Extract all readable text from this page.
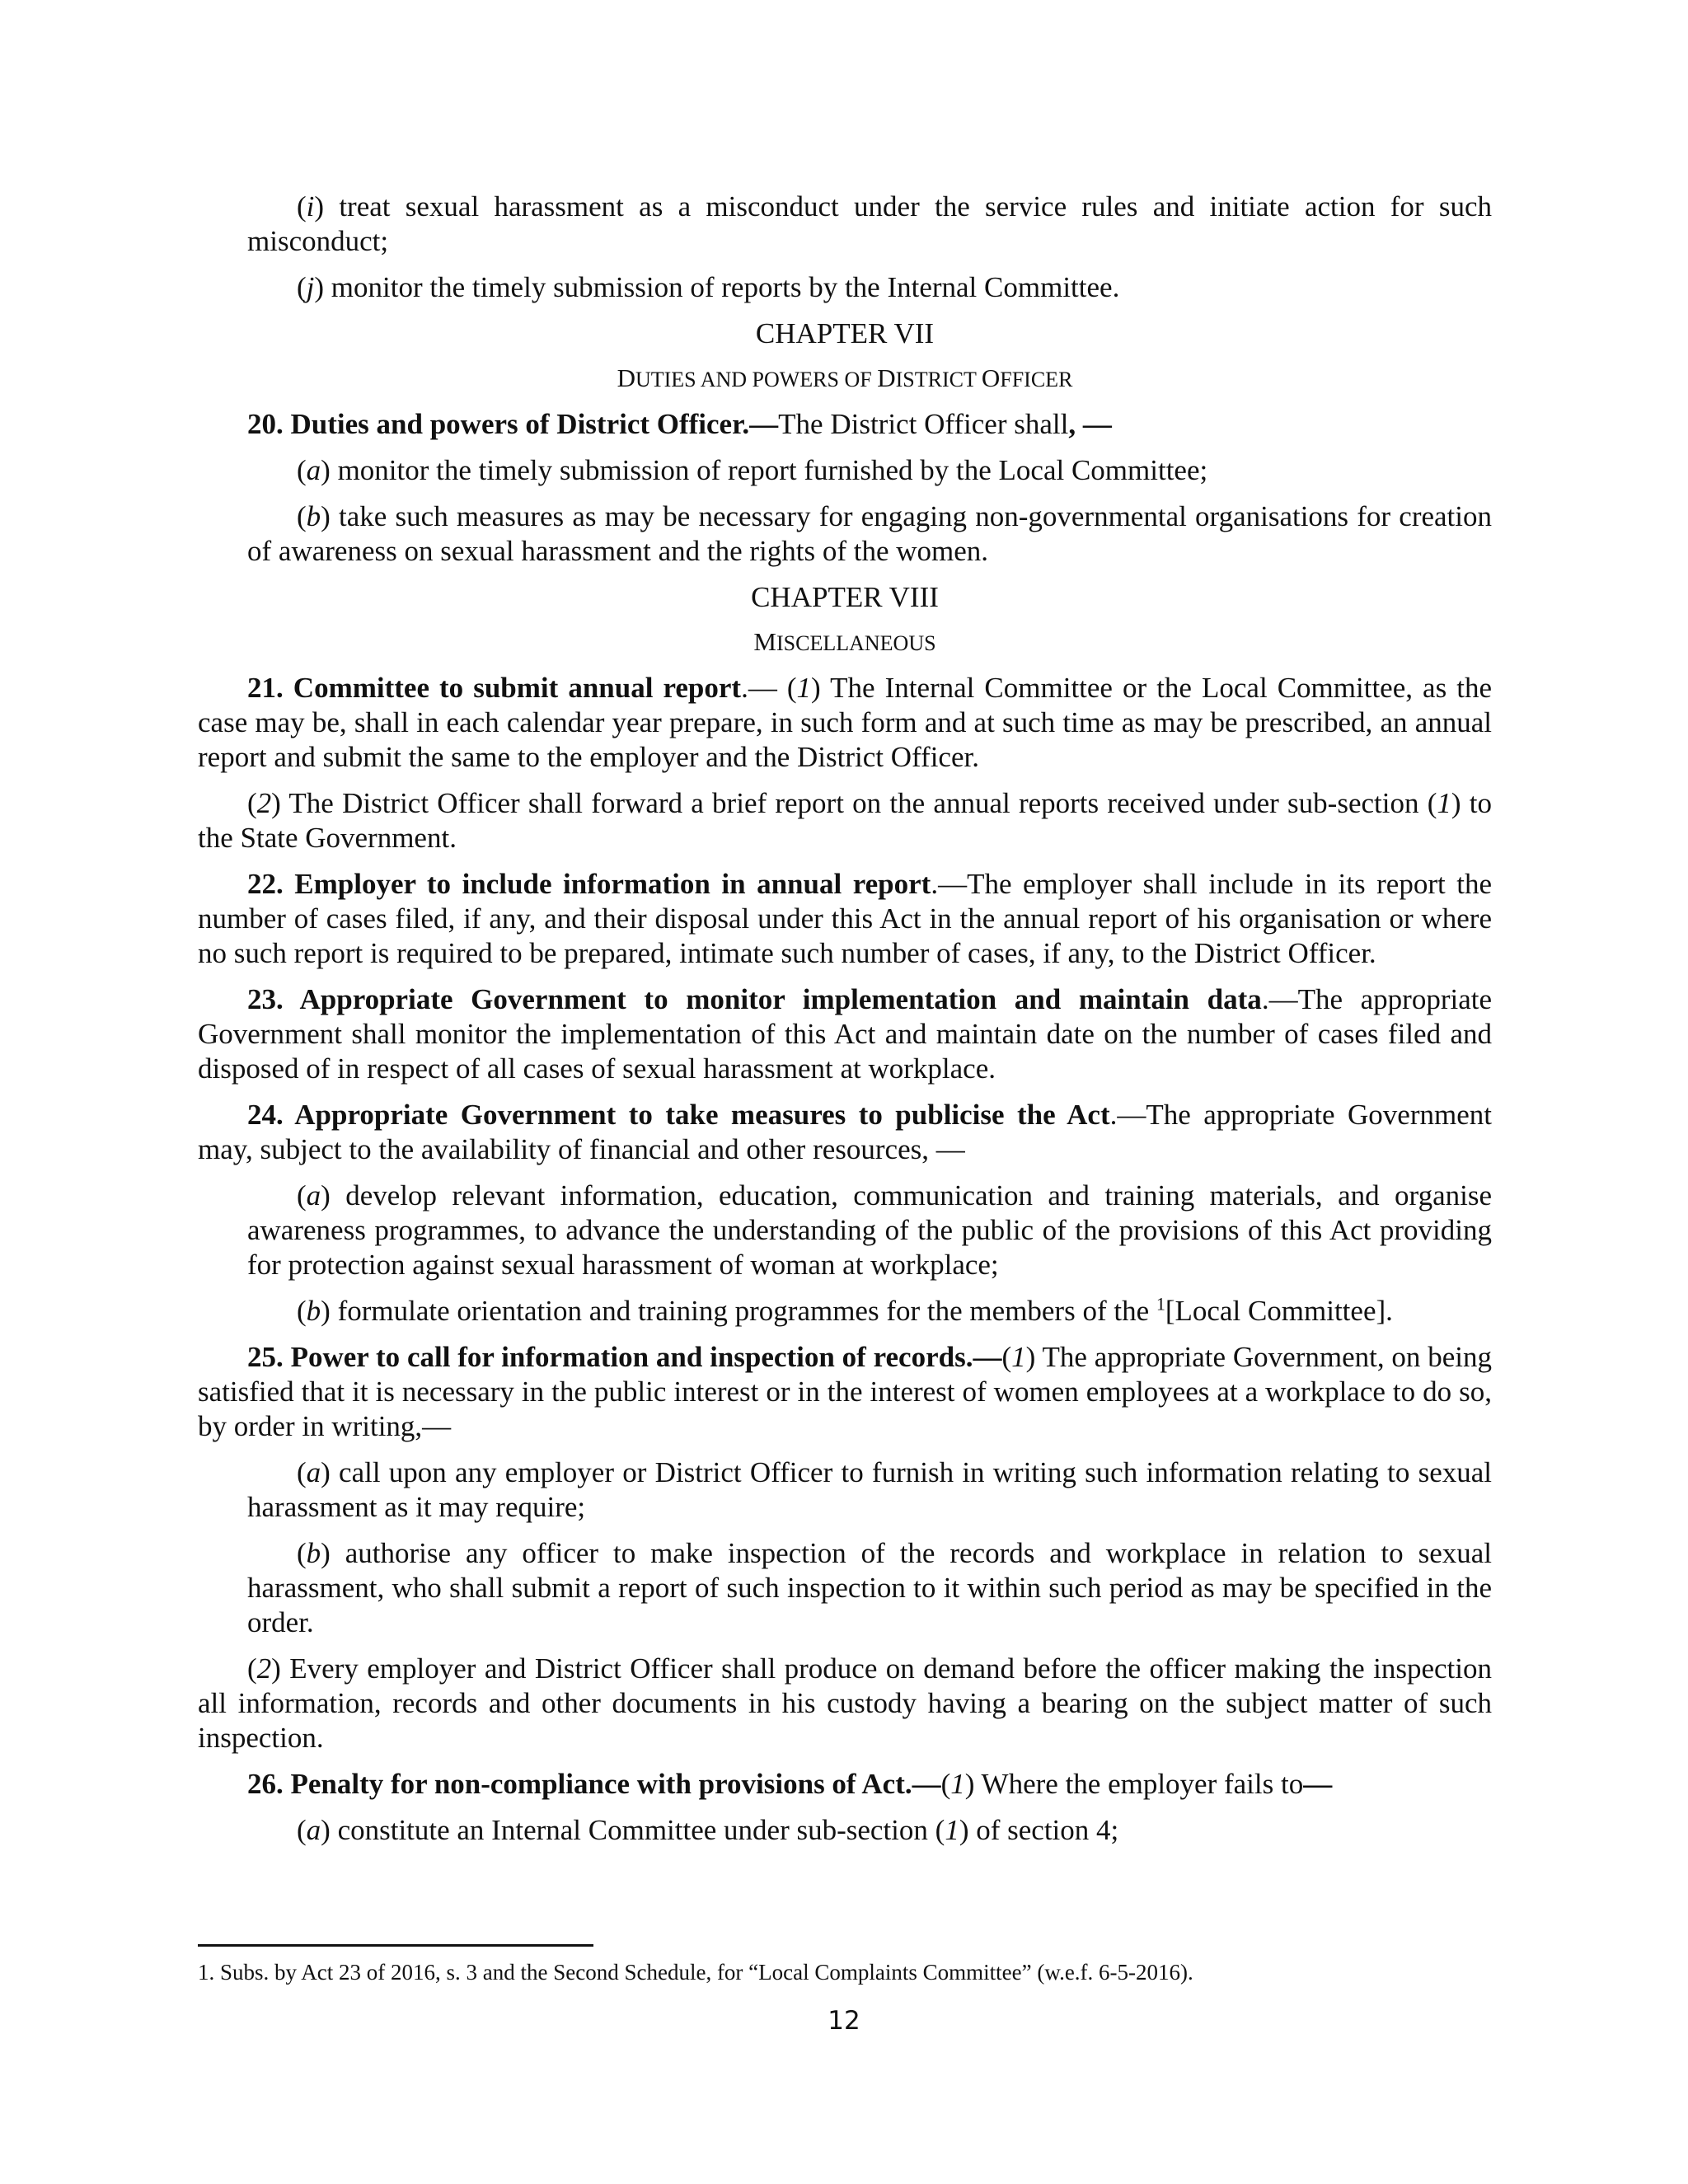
(i) treat sexual harassment as a misconduct under the service rules and initiate action for such misconduct;

(j) monitor the timely submission of reports by the Internal Committee.

CHAPTER VII
DUTIES AND POWERS OF DISTRICT OFFICER

20. Duties and powers of District Officer.—The District Officer shall, —

(a) monitor the timely submission of report furnished by the Local Committee;

(b) take such measures as may be necessary for engaging non-governmental organisations for creation of awareness on sexual harassment and the rights of the women.

CHAPTER VIII
MISCELLANEOUS

21. Committee to submit annual report.— (1) The Internal Committee or the Local Committee, as the case may be, shall in each calendar year prepare, in such form and at such time as may be prescribed, an annual report and submit the same to the employer and the District Officer.

(2) The District Officer shall forward a brief report on the annual reports received under sub-section (1) to the State Government.

22. Employer to include information in annual report.—The employer shall include in its report the number of cases filed, if any, and their disposal under this Act in the annual report of his organisation or where no such report is required to be prepared, intimate such number of cases, if any, to the District Officer.

23. Appropriate Government to monitor implementation and maintain data.—The appropriate Government shall monitor the implementation of this Act and maintain date on the number of cases filed and disposed of in respect of all cases of sexual harassment at workplace.

24. Appropriate Government to take measures to publicise the Act.—The appropriate Government may, subject to the availability of financial and other resources, —

(a) develop relevant information, education, communication and training materials, and organise awareness programmes, to advance the understanding of the public of the provisions of this Act providing for protection against sexual harassment of woman at workplace;

(b) formulate orientation and training programmes for the members of the $^1$[Local Committee].

25. Power to call for information and inspection of records.—(1) The appropriate Government, on being satisfied that it is necessary in the public interest or in the interest of women employees at a workplace to do so, by order in writing,—

(a) call upon any employer or District Officer to furnish in writing such information relating to sexual harassment as it may require;

(b) authorise any officer to make inspection of the records and workplace in relation to sexual harassment, who shall submit a report of such inspection to it within such period as may be specified in the order.

(2) Every employer and District Officer shall produce on demand before the officer making the inspection all information, records and other documents in his custody having a bearing on the subject matter of such inspection.

26. Penalty for non-compliance with provisions of Act.—(1) Where the employer fails to—

(a) constitute an Internal Committee under sub-section (1) of section 4;

1. Subs. by Act 23 of 2016, s. 3 and the Second Schedule, for “Local Complaints Committee” (w.e.f. 6-5-2016).
12
